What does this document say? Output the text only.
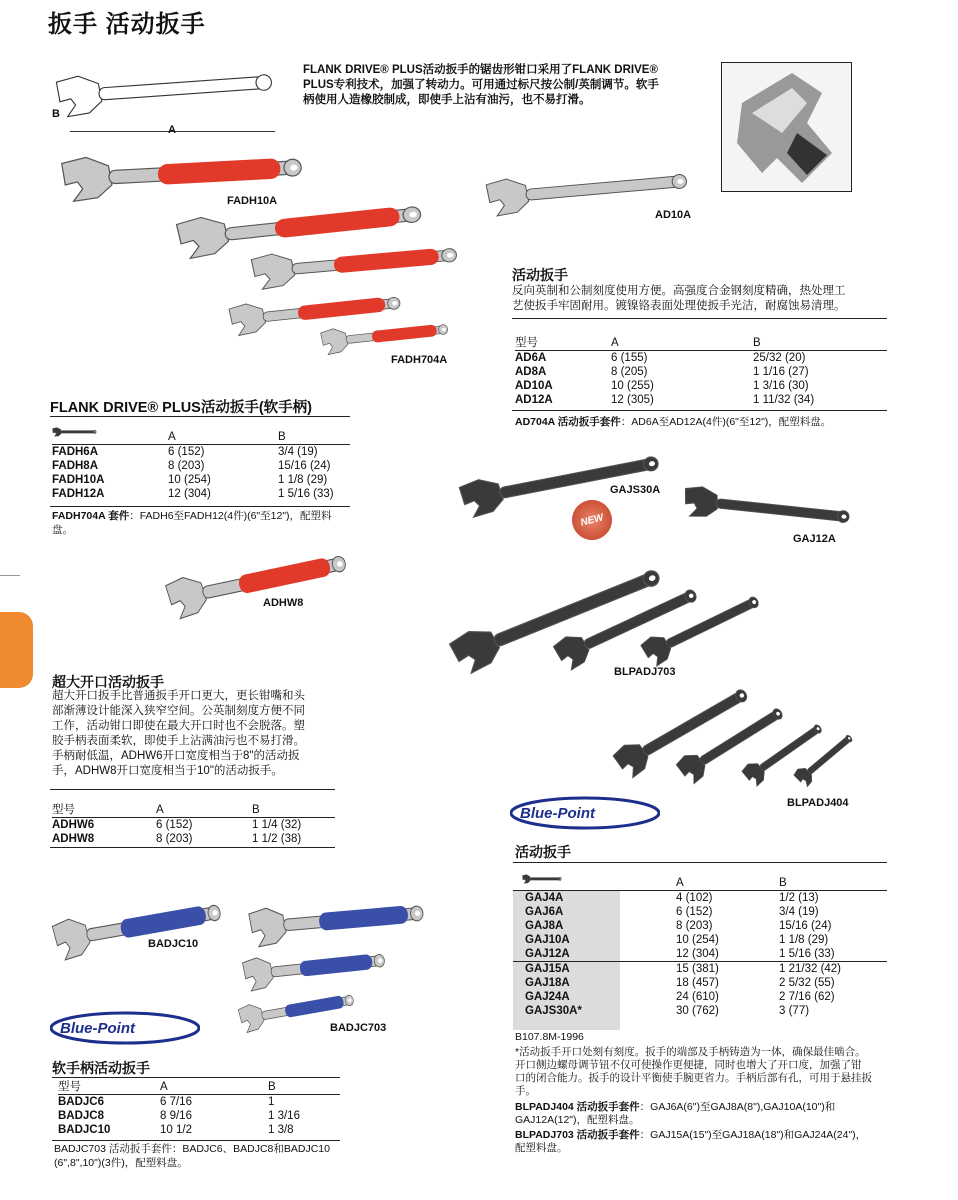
扳手 活动扳手
B
A
FLANK DRIVE® PLUS活动扳手的锯齿形钳口采用了FLANK DRIVE®
PLUS专利技术，加强了转动力。可用通过标尺按公制/英制调节。软手
柄使用人造橡胶制成，即使手上沾有油污，也不易打滑。
FADH10A
AD10A
FADH704A
活动扳手
反向英制和公制刻度使用方便。高强度合金钢刻度精确，热处理工
艺使扳手牢固耐用。镀镍铬表面处理使扳手光洁，耐腐蚀易清理。
型号	A	B
AD6A	6 (155)	25/32 (20)
AD8A	8 (205)	1 1/16 (27)
AD10A	10 (255)	1 3/16 (30)
AD12A	12 (305)	1 11/32 (34)
AD704A 活动扳手套件：AD6A至AD12A(4件)(6"至12")，配塑料盘。
FLANK DRIVE® PLUS活动扳手(软手柄)
	A	B
FADH6A	6 (152)	3/4 (19)
FADH8A	8 (203)	15/16 (24)
FADH10A	10 (254)	1 1/8 (29)
FADH12A	12 (304)	1 5/16 (33)
FADH704A 套件：FADH6至FADH12(4件)(6"至12")，配塑料盘。
GAJS30A
NEW
GAJ12A
ADHW8
BLPADJ703
超大开口活动扳手
超大开口扳手比普通扳手开口更大，更长钳嘴和头
部渐薄设计能深入狭窄空间。公英制刻度方便不同
工作，活动钳口即使在最大开口时也不会脱落。塑
胶手柄表面柔软，即使手上沾满油污也不易打滑。
手柄耐低温，ADHW6开口宽度相当于8"的活动扳
手，ADHW8开口宽度相当于10"的活动扳手。
型号	A	B
ADHW6	6 (152)	1 1/4 (32)
ADHW8	8 (203)	1 1/2 (38)
BLPADJ404
Blue-Point
活动扳手
	A	B
GAJ4A	4 (102)	1/2 (13)
GAJ6A	6 (152)	3/4 (19)
GAJ8A	8 (203)	15/16 (24)
GAJ10A	10 (254)	1 1/8 (29)
GAJ12A	12 (304)	1 5/16 (33)
GAJ15A	15 (381)	1 21/32 (42)
GAJ18A	18 (457)	2 5/32 (55)
GAJ24A	24 (610)	2 7/16 (62)
GAJS30A*	30 (762)	3 (77)
B107.8M-1996
*活动扳手开口处刻有刻度。扳手的端部及手柄铸造为一体，确保最佳啮合。
开口侧边螺母调节钮不仅可使操作更便捷，同时也增大了开口度，加强了钳
口的闭合能力。扳手的设计平衡使手腕更省力。手柄后部有孔，可用于悬挂扳
手。
BLPADJ404 活动扳手套件：GAJ6A(6")至GAJ8A(8"),GAJ10A(10")和
GAJ12A(12")，配塑料盘。
BLPADJ703 活动扳手套件：GAJ15A(15")至GAJ18A(18")和GAJ24A(24")，
配塑料盘。
BADJC10
BADJC703
Blue-Point
软手柄活动扳手
型号	A	B
BADJC6	6 7/16	1
BADJC8	8 9/16	1 3/16
BADJC10	10 1/2	1 3/8
BADJC703 活动扳手套件：BADJC6、BADJC8和BADJC10
(6",8",10")(3件)，配塑料盘。
